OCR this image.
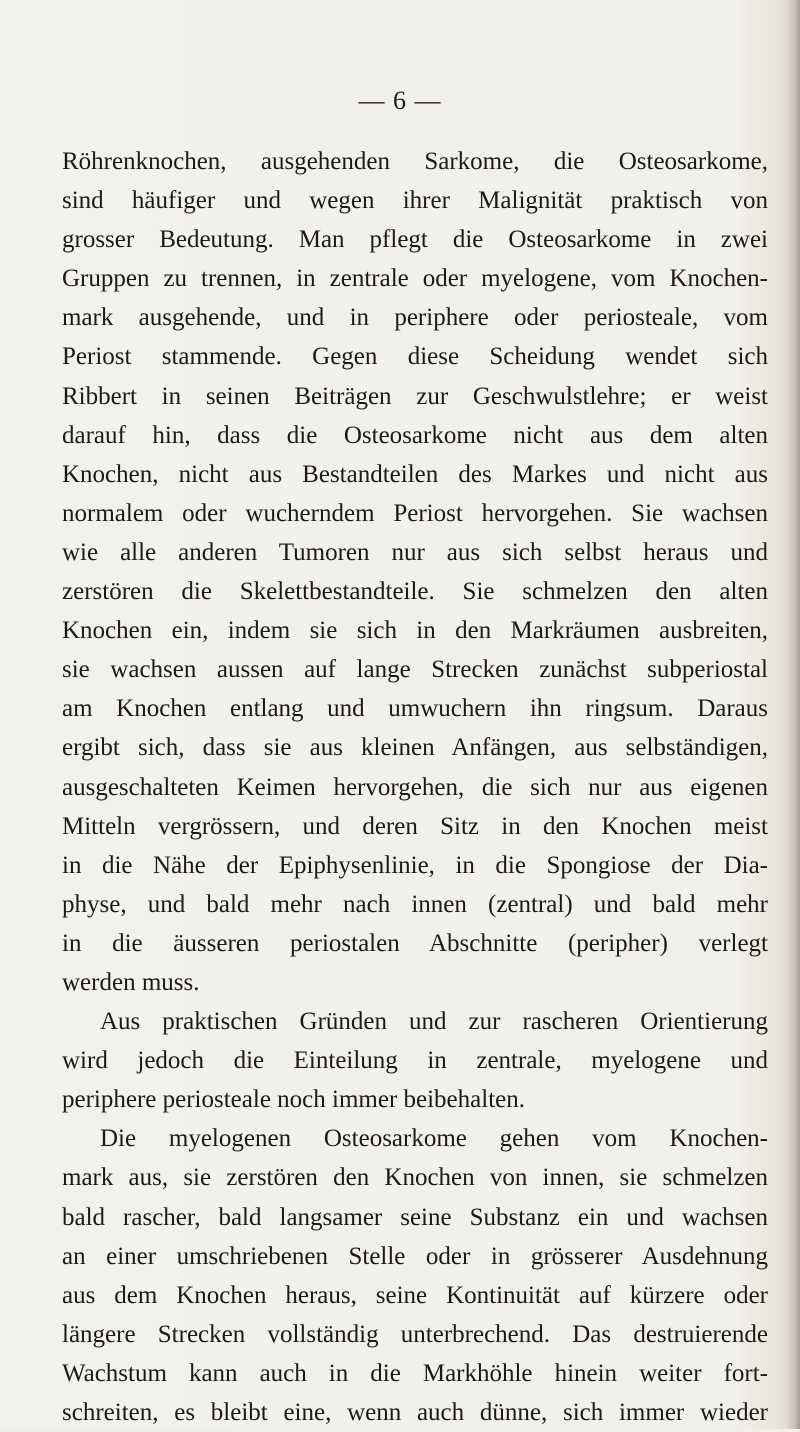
— 6 —
Röhrenknochen, ausgehenden Sarkome, die Osteosarkome,
sind häufiger und wegen ihrer Malignität praktisch von
grosser Bedeutung. Man pflegt die Osteosarkome in zwei
Gruppen zu trennen, in zentrale oder myelogene, vom Knochen-
mark ausgehende, und in periphere oder periosteale, vom
Periost stammende. Gegen diese Scheidung wendet sich
Ribbert in seinen Beiträgen zur Geschwulstlehre; er weist
darauf hin, dass die Osteosarkome nicht aus dem alten
Knochen, nicht aus Bestandteilen des Markes und nicht aus
normalem oder wucherndem Periost hervorgehen. Sie wachsen
wie alle anderen Tumoren nur aus sich selbst heraus und
zerstören die Skelettbestandteile. Sie schmelzen den alten
Knochen ein, indem sie sich in den Markräumen ausbreiten,
sie wachsen aussen auf lange Strecken zunächst subperiostal
am Knochen entlang und umwuchern ihn ringsum. Daraus
ergibt sich, dass sie aus kleinen Anfängen, aus selbständigen,
ausgeschalteten Keimen hervorgehen, die sich nur aus eigenen
Mitteln vergrössern, und deren Sitz in den Knochen meist
in die Nähe der Epiphysenlinie, in die Spongiose der Dia-
physe, und bald mehr nach innen (zentral) und bald mehr
in die äusseren periostalen Abschnitte (peripher) verlegt
werden muss.
Aus praktischen Gründen und zur rascheren Orientierung
wird jedoch die Einteilung in zentrale, myelogene und
periphere periosteale noch immer beibehalten.
Die myelogenen Osteosarkome gehen vom Knochen-
mark aus, sie zerstören den Knochen von innen, sie schmelzen
bald rascher, bald langsamer seine Substanz ein und wachsen
an einer umschriebenen Stelle oder in grösserer Ausdehnung
aus dem Knochen heraus, seine Kontinuität auf kürzere oder
längere Strecken vollständig unterbrechend. Das destruierende
Wachstum kann auch in die Markhöhle hinein weiter fort-
schreiten, es bleibt eine, wenn auch dünne, sich immer wieder
